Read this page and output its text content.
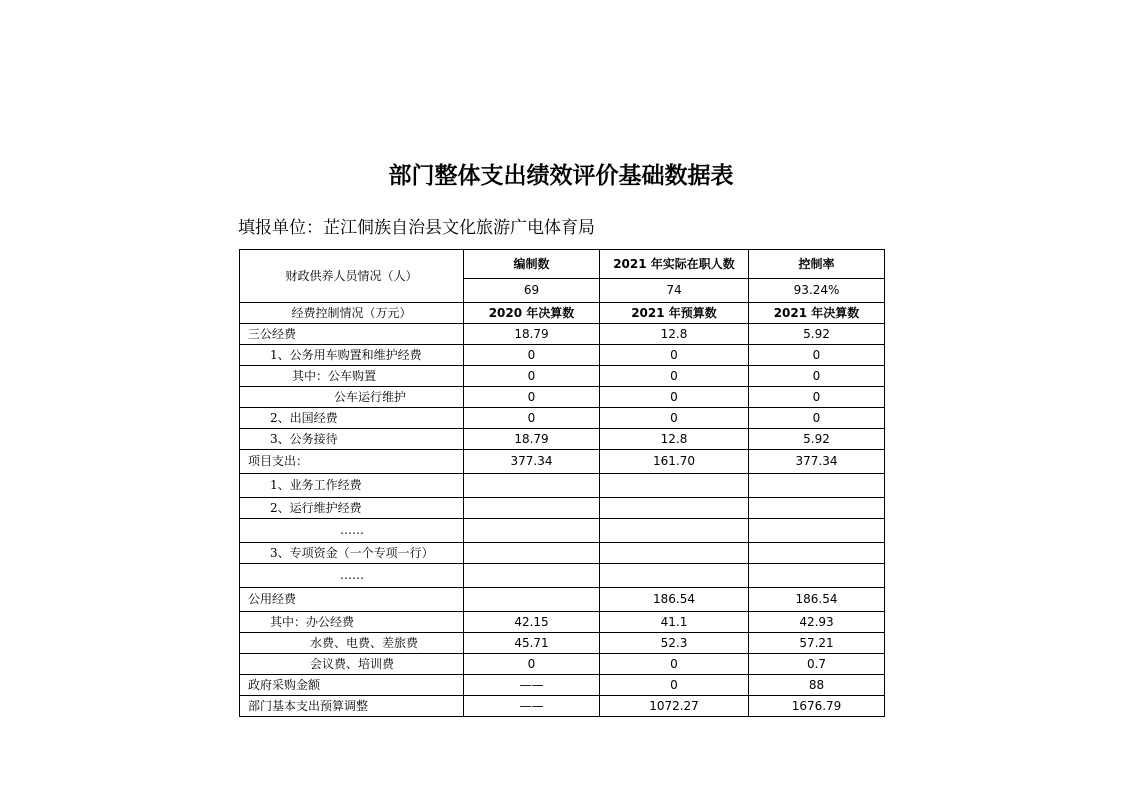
部门整体支出绩效评价基础数据表

填报单位：芷江侗族自治县文化旅游广电体育局

财政供养人员情况（人）	编制数	2021 年实际在职人数	控制率
	69	74	93.24%
经费控制情况（万元）	2020 年决算数	2021 年预算数	2021 年决算数
三公经费	18.79	12.8	5.92
1、公务用车购置和维护经费	0	0	0
其中：公车购置	0	0	0
公车运行维护	0	0	0
2、出国经费	0	0	0
3、公务接待	18.79	12.8	5.92
项目支出：	377.34	161.70	377.34
1、业务工作经费			
2、运行维护经费			
……			
3、专项资金（一个专项一行）			
……			
公用经费		186.54	186.54
其中：办公经费	42.15	41.1	42.93
水费、电费、差旅费	45.71	52.3	57.21
会议费、培训费	0	0	0.7
政府采购金额	——	0	88
部门基本支出预算调整	——	1072.27	1676.79
